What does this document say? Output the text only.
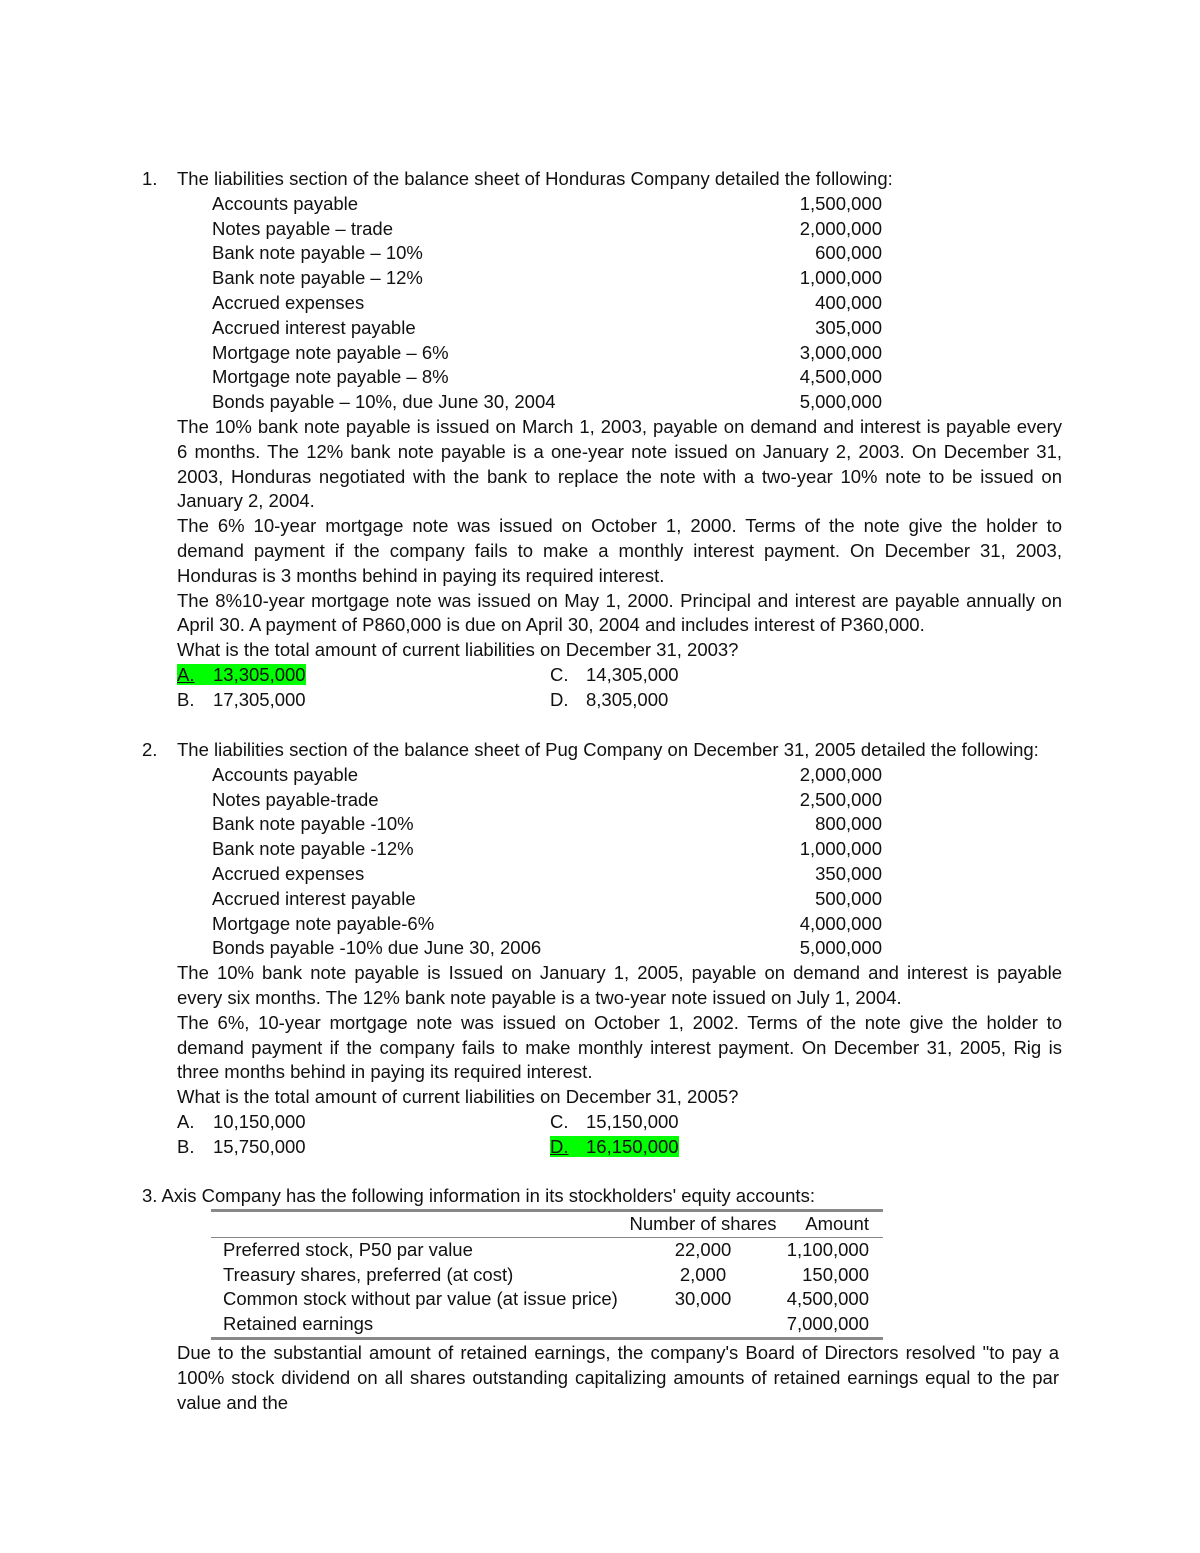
1. The liabilities section of the balance sheet of Honduras Company detailed the following:
Accounts payable	1,500,000
Notes payable – trade	2,000,000
Bank note payable – 10%	600,000
Bank note payable – 12%	1,000,000
Accrued expenses	400,000
Accrued interest payable	305,000
Mortgage note payable – 6%	3,000,000
Mortgage note payable – 8%	4,500,000
Bonds payable – 10%, due June 30, 2004	5,000,000

The 10% bank note payable is issued on March 1, 2003, payable on demand and interest is payable every 6 months. The 12% bank note payable is a one-year note issued on January 2, 2003. On December 31, 2003, Honduras negotiated with the bank to replace the note with a two-year 10% note to be issued on January 2, 2004.

The 6% 10-year mortgage note was issued on October 1, 2000. Terms of the note give the holder to demand payment if the company fails to make a monthly interest payment. On December 31, 2003, Honduras is 3 months behind in paying its required interest.

The 8%10-year mortgage note was issued on May 1, 2000. Principal and interest are payable annually on April 30. A payment of P860,000 is due on April 30, 2004 and includes interest of P360,000.

What is the total amount of current liabilities on December 31, 2003?
A. 13,305,000	C. 14,305,000
B. 17,305,000	D. 8,305,000
2. The liabilities section of the balance sheet of Pug Company on December 31, 2005 detailed the following:
Accounts payable	2,000,000
Notes payable-trade	2,500,000
Bank note payable -10%	800,000
Bank note payable -12%	1,000,000
Accrued expenses	350,000
Accrued interest payable	500,000
Mortgage note payable-6%	4,000,000
Bonds payable -10% due June 30, 2006	5,000,000

The 10% bank note payable is Issued on January 1, 2005, payable on demand and interest is payable every six months. The 12% bank note payable is a two-year note issued on July 1, 2004.

The 6%, 10-year mortgage note was issued on October 1, 2002. Terms of the note give the holder to demand payment if the company fails to make monthly interest payment. On December 31, 2005, Rig is three months behind in paying its required interest.

What is the total amount of current liabilities on December 31, 2005?
A. 10,150,000	C. 15,150,000
B. 15,750,000	D. 16,150,000
3. Axis Company has the following information in its stockholders' equity accounts:
	Number of shares	Amount
Preferred stock, P50 par value	22,000	1,100,000
Treasury shares, preferred (at cost)	2,000	150,000
Common stock without par value (at issue price)	30,000	4,500,000
Retained earnings		7,000,000

Due to the substantial amount of retained earnings, the company's Board of Directors resolved "to pay a 100% stock dividend on all shares outstanding capitalizing amounts of retained earnings equal to the par value and the
